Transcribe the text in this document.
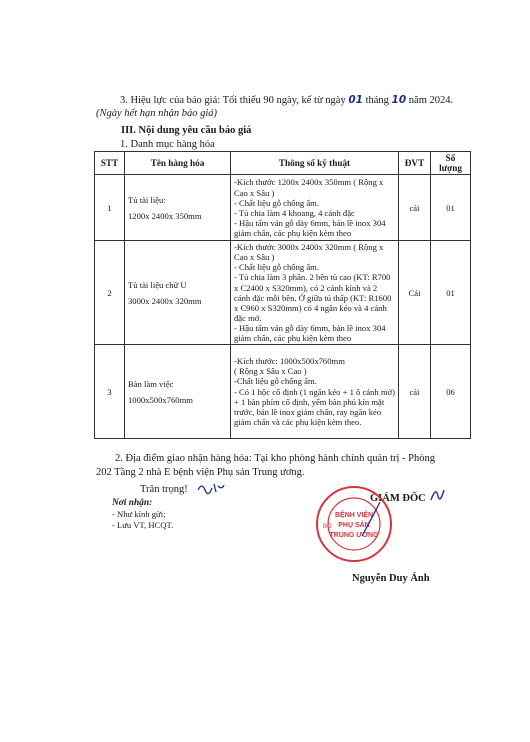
3. Hiệu lực của báo giá: Tối thiểu 90 ngày, kể từ ngày 01 tháng 10 năm 2024.
(Ngày hết hạn nhận báo giá)
III. Nội dung yêu cầu báo giá
1. Danh mục hàng hóa
STT	Tên hàng hóa	Thông số kỹ thuật	ĐVT	Số lượng
1	Tủ tài liệu:
1200x 2400x 350mm	-Kích thước 1200x 2400x 350mm ( Rộng x Cao x Sâu )
- Chất liệu gỗ chống ẩm.
- Tủ chia làm 4 khoang, 4 cánh đặc
- Hậu tấm ván gỗ dày 6mm, bản lề inox 304 giảm chấn, các phụ kiện kèm theo	cái	01
2	Tủ tài liệu chữ U
3000x 2400x 320mm	-Kích thước 3000x 2400x 320mm ( Rộng x Cao x Sâu )
- Chất liệu gỗ chống ẩm.
- Tủ chia làm 3 phần. 2 bên tủ cao (KT: R700 x C2400 x S320mm), có 2 cánh kính và 2 cánh đặc mỗi bên. Ở giữa tủ thấp (KT: R1600 x C960 x S320mm) có 4 ngăn kéo và 4 cánh đặc mở.
- Hậu tấm ván gỗ dày 6mm, bản lề inox 304 giảm chấn, các phụ kiện kèm theo	Cái	01
3	Bàn làm việc
1000x500x760mm	-Kích thước: 1000x500x760mm
( Rộng x Sâu x Cao )
-Chất liệu gỗ chống ẩm.
- Có 1 hộc cố định (1 ngăn kéo + 1 ô cánh mở) + 1 bàn phím cố định, yếm bàn phủ kín mặt trước, bản lề inox giảm chấn, ray ngăn kéo giảm chấn và các phụ kiện kèm theo.	cái	06
2. Địa điểm giao nhận hàng hóa: Tại kho phòng hành chính quản trị - Phòng
202 Tầng 2 nhà E bệnh viện Phụ sản Trung ương.
Trân trọng!
Nơi nhận:
- Như kính gửi;
- Lưu VT, HCQT.
GIÁM ĐỐC
BỆNH VIỆN
PHỤ SẢN
TRUNG ƯƠNG
BỘ
Nguyễn Duy Ánh
